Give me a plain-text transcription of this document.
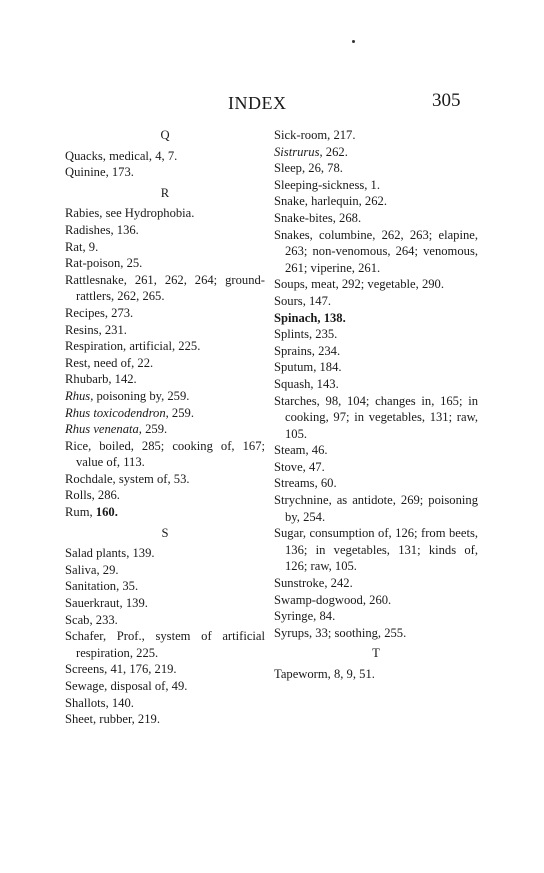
INDEX	305
Q
Quacks, medical, 4, 7.
Quinine, 173.
R
Rabies, see Hydrophobia.
Radishes, 136.
Rat, 9.
Rat-poison, 25.
Rattlesnake, 261, 262, 264; ground-rattlers, 262, 265.
Recipes, 273.
Resins, 231.
Respiration, artificial, 225.
Rest, need of, 22.
Rhubarb, 142.
Rhus, poisoning by, 259.
Rhus toxicodendron, 259.
Rhus venenata, 259.
Rice, boiled, 285; cooking of, 167; value of, 113.
Rochdale, system of, 53.
Rolls, 286.
Rum, 160.
S
Salad plants, 139.
Saliva, 29.
Sanitation, 35.
Sauerkraut, 139.
Scab, 233.
Schafer, Prof., system of artificial respiration, 225.
Screens, 41, 176, 219.
Sewage, disposal of, 49.
Shallots, 140.
Sheet, rubber, 219.
Sick-room, 217.
Sistrurus, 262.
Sleep, 26, 78.
Sleeping-sickness, 1.
Snake, harlequin, 262.
Snake-bites, 268.
Snakes, columbine, 262, 263; elapine, 263; non-venomous, 264; venomous, 261; viperine, 261.
Soups, meat, 292; vegetable, 290.
Sours, 147.
Spinach, 138.
Splints, 235.
Sprains, 234.
Sputum, 184.
Squash, 143.
Starches, 98, 104; changes in, 165; in cooking, 97; in vegetables, 131; raw, 105.
Steam, 46.
Stove, 47.
Streams, 60.
Strychnine, as antidote, 269; poisoning by, 254.
Sugar, consumption of, 126; from beets, 136; in vegetables, 131; kinds of, 126; raw, 105.
Sunstroke, 242.
Swamp-dogwood, 260.
Syringe, 84.
Syrups, 33; soothing, 255.
T
Tapeworm, 8, 9, 51.
